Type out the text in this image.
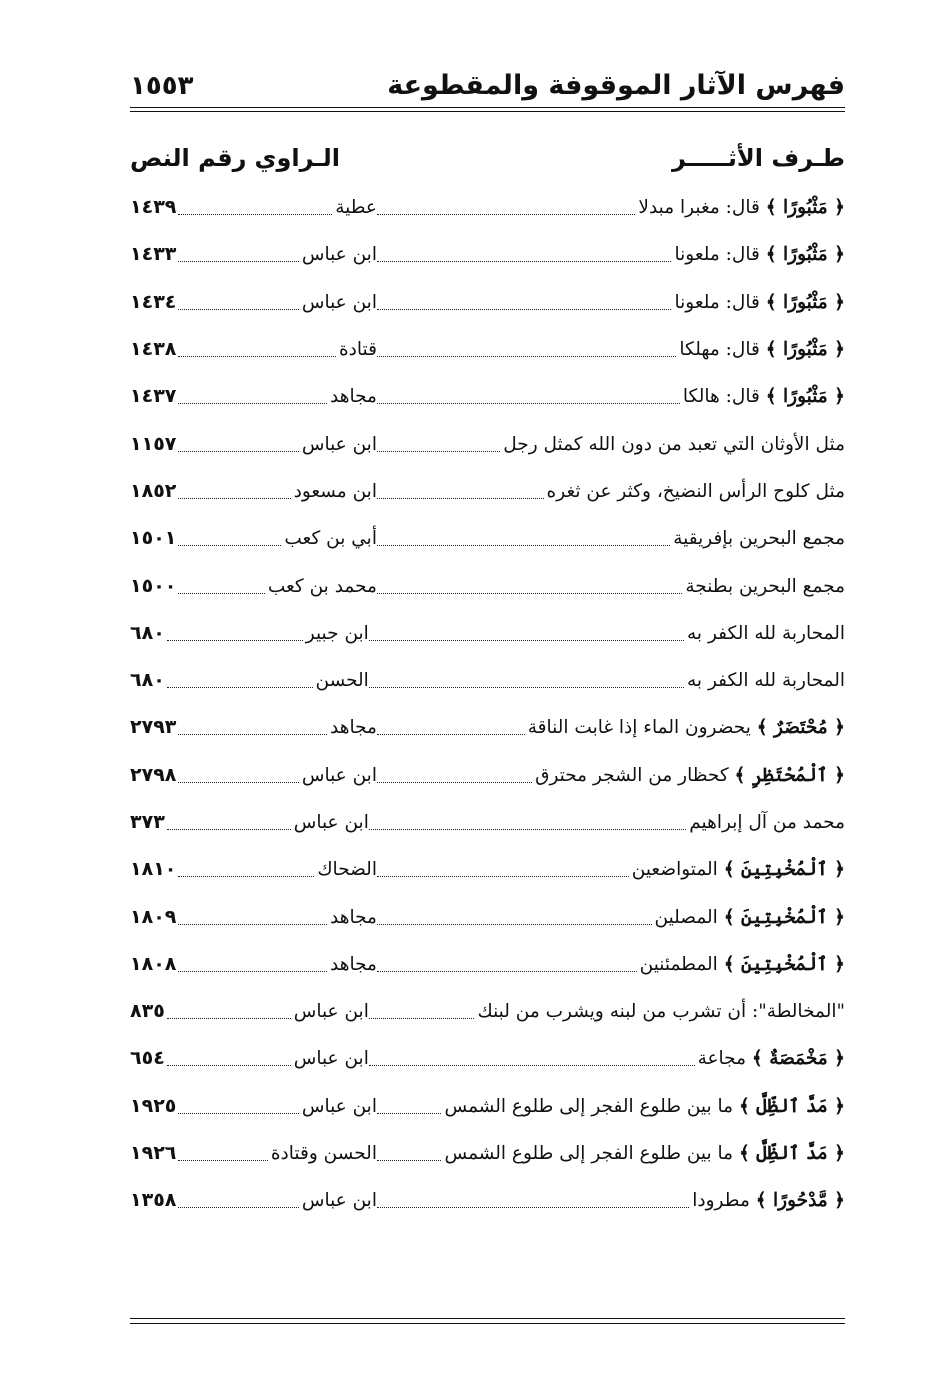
فهرس الآثار الموقوفة والمقطوعة
١٥٥٣
طـرف الأثـــــر
الـراوي
رقم النص
﴿ مَثْبُورًا ﴾ قال: مغبرا مبدلا
عطية
١٤٣٩
﴿ مَثْبُورًا ﴾ قال: ملعونا
ابن عباس
١٤٣٣
﴿ مَثْبُورًا ﴾ قال: ملعونا
ابن عباس
١٤٣٤
﴿ مَثْبُورًا ﴾ قال: مهلكا
قتادة
١٤٣٨
﴿ مَثْبُورًا ﴾ قال: هالكا
مجاهد
١٤٣٧
مثل الأوثان التي تعبد من دون الله كمثل رجل
ابن عباس
١١٥٧
مثل كلوح الرأس النضيخ، وكثر عن ثغره
ابن مسعود
١٨٥٢
مجمع البحرين بإفريقية
أبي بن كعب
١٥٠١
مجمع البحرين بطنجة
محمد بن كعب
١٥٠٠
المحاربة لله الكفر به
ابن جبير
٦٨٠
المحاربة لله الكفر به
الحسن
٦٨٠
﴿ مُحْتَضَرٌ ﴾ يحضرون الماء إذا غابت الناقة
مجاهد
٢٧٩٣
﴿ ٱلْمُحْتَظِرِ ﴾ كحظار من الشجر محترق
ابن عباس
٢٧٩٨
محمد من آل إبراهيم
ابن عباس
٣٧٣
﴿ ٱلْمُخْبِتِينَ ﴾ المتواضعين
الضحاك
١٨١٠
﴿ ٱلْمُخْبِتِينَ ﴾ المصلين
مجاهد
١٨٠٩
﴿ ٱلْمُخْبِتِينَ ﴾ المطمئنين
مجاهد
١٨٠٨
"المخالطة": أن تشرب من لبنه ويشرب من لبنك
ابن عباس
٨٣٥
﴿ مَخْمَصَةٌ ﴾ مجاعة
ابن عباس
٦٥٤
﴿ مَدَّ ٱلظِّلَّ ﴾ ما بين طلوع الفجر إلى طلوع الشمس
ابن عباس
١٩٢٥
﴿ مَدَّ ٱلظِّلَّ ﴾ ما بين طلوع الفجر إلى طلوع الشمس
الحسن وقتادة
١٩٢٦
﴿ مَّدْحُورًا ﴾ مطرودا
ابن عباس
١٣٥٨
